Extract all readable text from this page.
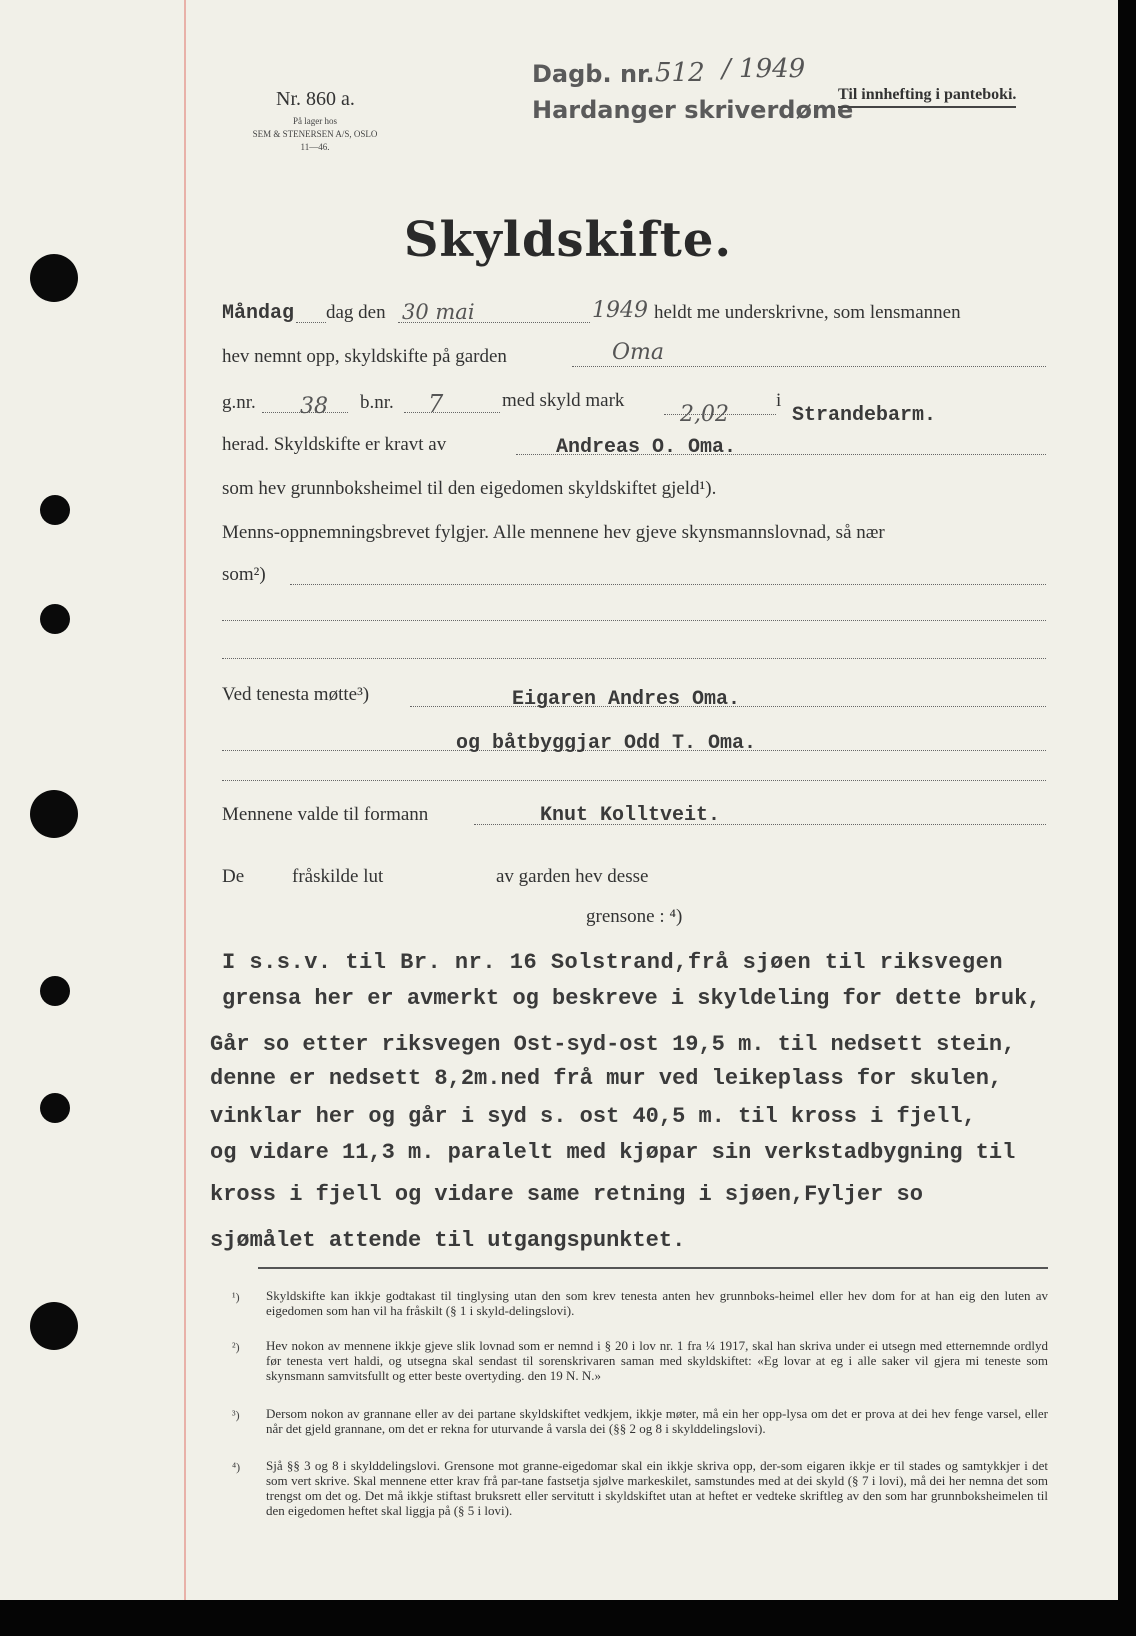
Nr. 860 a.
På lager hos
SEM & STENERSEN A/S, OSLO
11—46.
Dagb. nr. 512 / 1949
Hardanger skriverdøme
Til innhefting i panteboki.
Skyldskifte.
Måndag dag den 30 mai	1949 heldt me underskrivne, som lensmannen
hev nemnt opp, skyldskifte på garden	Oma
g.nr. 38 b.nr. 7	med skyld mark
2,02
i
Strandebarm.
herad. Skyldskifte er kravt av	Andreas O. Oma.
som hev grunnboksheimel til den eigedomen skyldskiftet gjeld¹).
Menns-oppnemningsbrevet fylgjer. Alle mennene hev gjeve skynsmannslovnad, så nær
som²)
Ved tenesta møtte³)	Eigaren Andres Oma.
og båtbyggjar Odd T. Oma.
Mennene valde til formann	Knut Kolltveit.
De	fråskilde lut	av garden hev desse
grensone : ⁴)
I s.s.v. til Br. nr. 16 Solstrand,frå sjøen til riksvegen
grensa her er avmerkt og beskreve i skyldeling for dette bruk,
Går so etter riksvegen Ost-syd-ost 19,5 m. til nedsett stein,
denne er nedsett 8,2m.ned frå mur ved leikeplass for skulen,
vinklar her og går i syd s. ost 40,5 m. til kross i fjell,
og vidare 11,3 m. paralelt med kjøpar sin verkstadbygning til
kross i fjell og vidare same retning i sjøen,Fyljer so
sjømålet attende til utgangspunktet.
¹) Skyldskifte kan ikkje godtakast til tinglysing utan den som krev tenesta anten hev grunnboks-heimel eller hev dom for at han eig den luten av eigedomen som han vil ha fråskilt (§ 1 i skyld-delingslovi).
²) Hev nokon av mennene ikkje gjeve slik lovnad som er nemnd i § 20 i lov nr. 1 fra ¼ 1917, skal han skriva under ei utsegn med etternemnde ordlyd før tenesta vert haldi, og utsegna skal sendast til sorenskrivaren saman med skyldskiftet: «Eg lovar at eg i alle saker vil gjera mi teneste som skynsmann samvitsfullt og etter beste overtyding. den 19 N. N.»
³) Dersom nokon av grannane eller av dei partane skyldskiftet vedkjem, ikkje møter, må ein her opp-lysa om det er prova at dei hev fenge varsel, eller når det gjeld grannane, om det er rekna for uturvande å varsla dei (§§ 2 og 8 i skylddelingslovi).
⁴) Sjå §§ 3 og 8 i skylddelingslovi. Grensone mot granne-eigedomar skal ein ikkje skriva opp, der-som eigaren ikkje er til stades og samtykkjer i det som vert skrive. Skal mennene etter krav frå par-tane fastsetja sjølve markeskilet, samstundes med at dei skyld (§ 7 i lovi), må dei her nemna det som trengst om det og. Det må ikkje stiftast bruksrett eller servitutt i skyldskiftet utan at heftet er vedteke skriftleg av den som har grunnboksheimelen til den eigedomen heftet skal liggja på (§ 5 i lovi).
